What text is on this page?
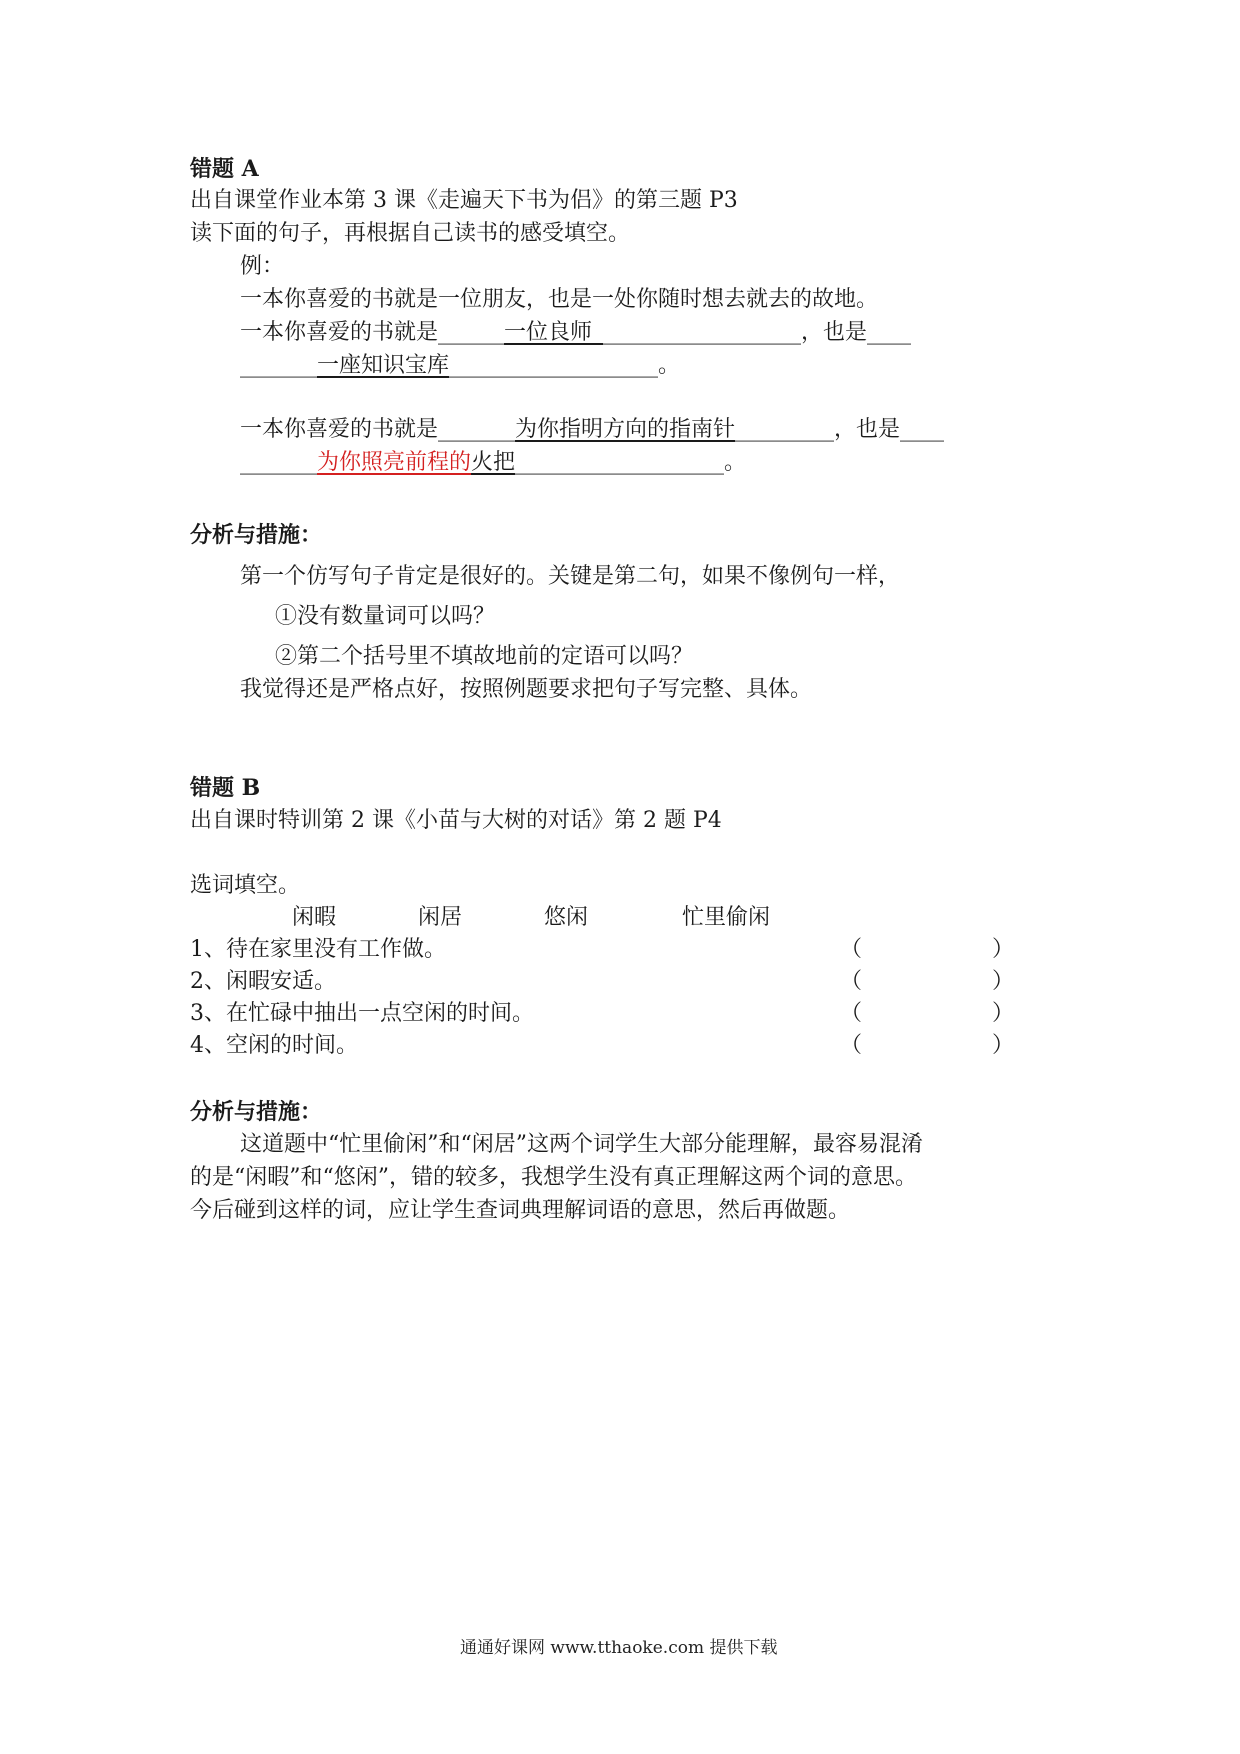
错题 A
出自课堂作业本第 3 课《走遍天下书为侣》的第三题 P3
读下面的句子，再根据自己读书的感受填空。
例：
一本你喜爱的书就是一位朋友，也是一处你随时想去就去的故地。
一本你喜爱的书就是______一位良师___________________，也是____
_______一座知识宝库___________________。
一本你喜爱的书就是_______为你指明方向的指南针_________，也是____
_______为你照亮前程的火把___________________。
分析与措施：
第一个仿写句子肯定是很好的。关键是第二句，如果不像例句一样，
①没有数量词可以吗？
②第二个括号里不填故地前的定语可以吗？
我觉得还是严格点好，按照例题要求把句子写完整、具体。
错题 B
出自课时特训第 2 课《小苗与大树的对话》第 2 题 P4
选词填空。
闲暇	闲居	悠闲	忙里偷闲
1、待在家里没有工作做。	（	）
2、闲暇安适。	（	）
3、在忙碌中抽出一点空闲的时间。	（	）
4、空闲的时间。	（	）
分析与措施：
这道题中“忙里偷闲”和“闲居”这两个词学生大部分能理解，最容易混淆
的是“闲暇”和“悠闲”，错的较多，我想学生没有真正理解这两个词的意思。
今后碰到这样的词，应让学生查词典理解词语的意思，然后再做题。
通通好课网 www.tthaoke.com 提供下载
